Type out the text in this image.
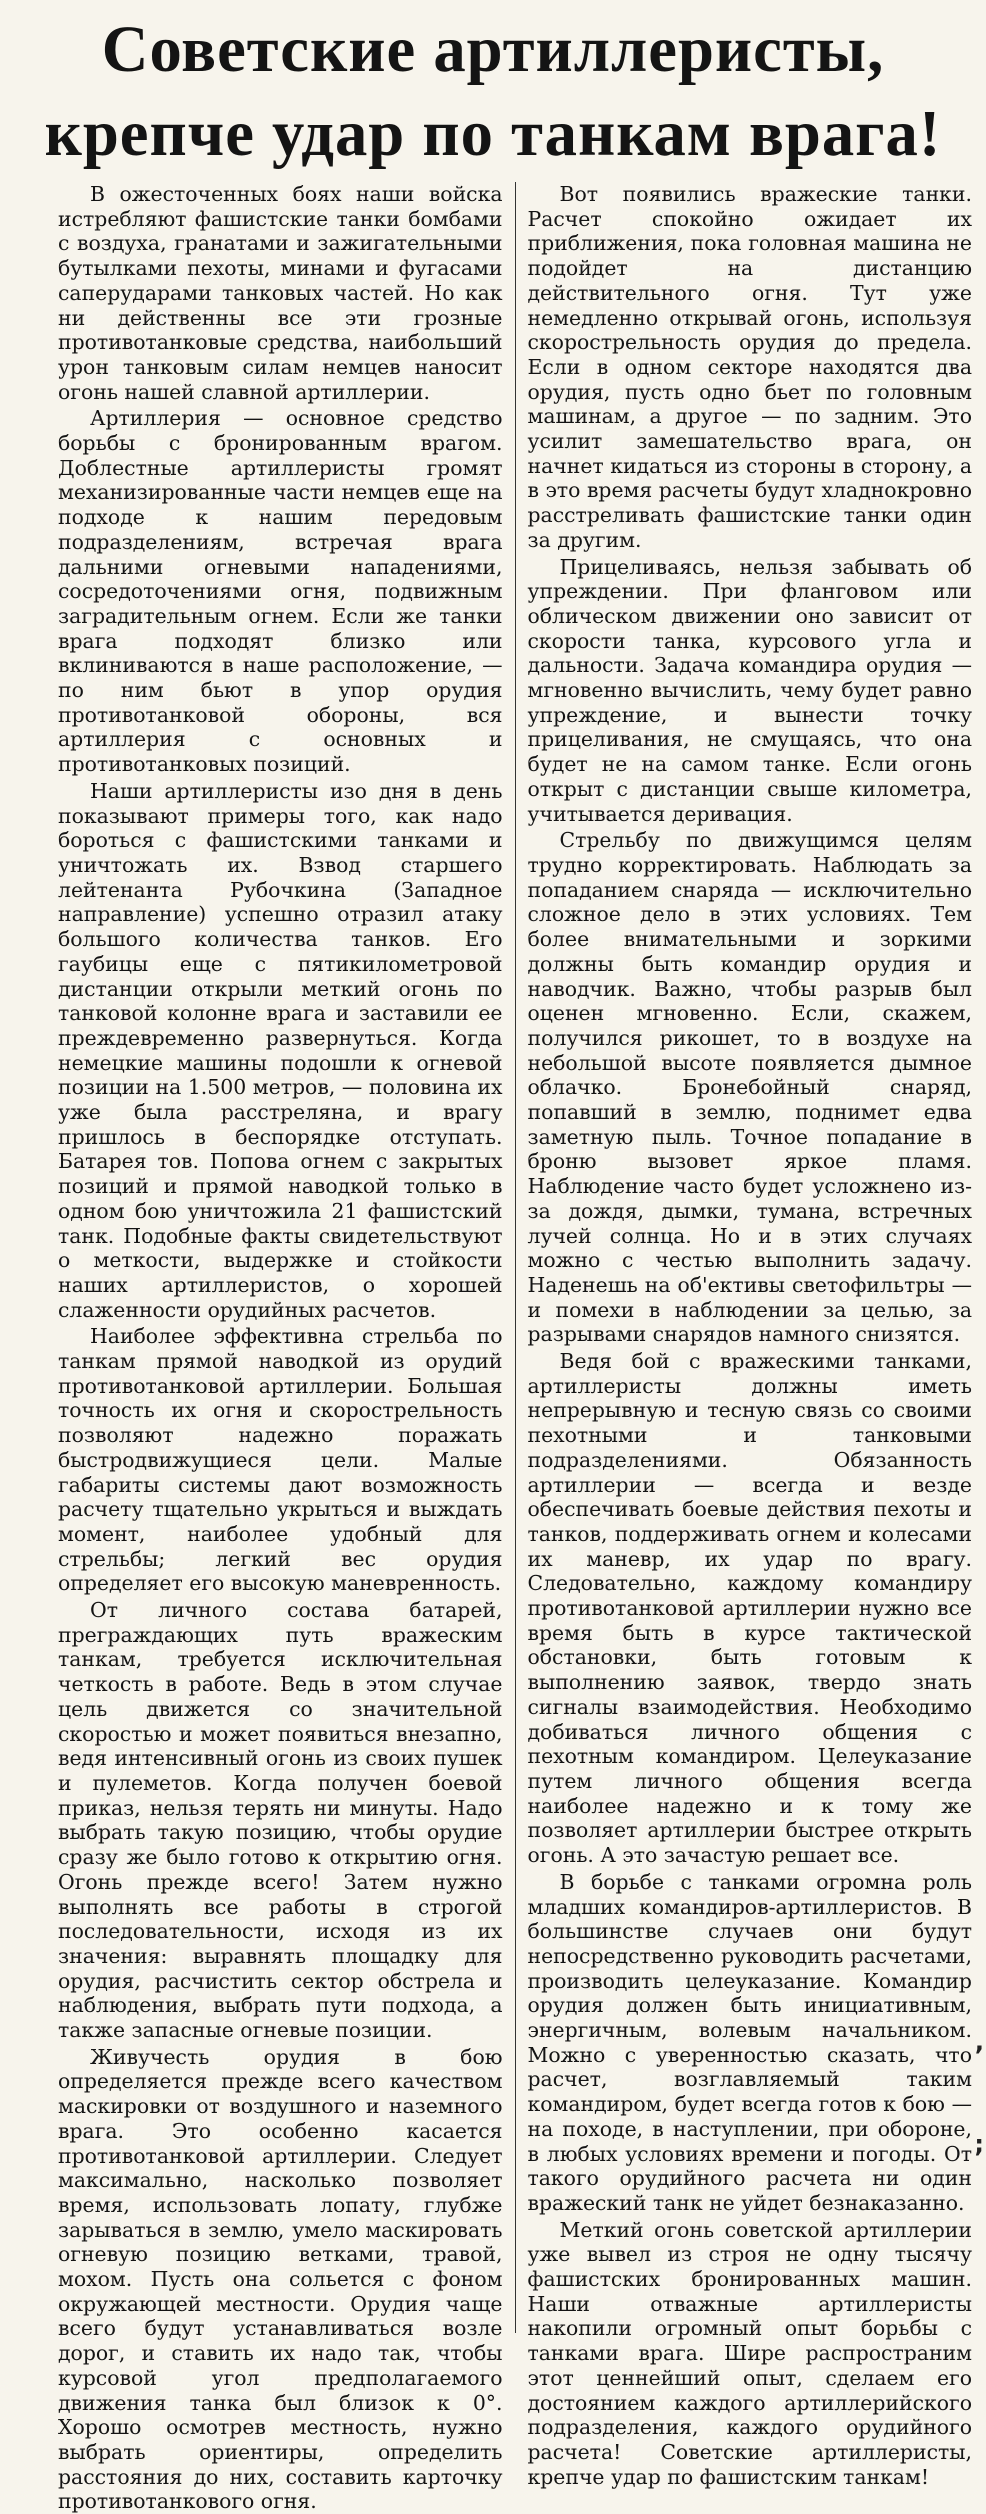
Советские артиллеристы,
крепче удар по танкам врага!

В ожесточенных боях наши войска истребляют фашистские танки бомбами с воздуха, гранатами и зажигательными бутылками пехоты, минами и фугасами саперударами танковых частей. Но как ни действенны все эти грозные противотанковые средства, наибольший урон танковым силам немцев наносит огонь нашей славной артиллерии.

Артиллерия — основное средство борьбы с бронированным врагом. Доблестные артиллеристы громят механизированные части немцев еще на подходе к нашим передовым подразделениям, встречая врага дальними огневыми нападениями, сосредоточениями огня, подвижным заградительным огнем. Если же танки врага подходят близко или вклиниваются в наше расположение, — по ним бьют в упор орудия противотанковой обороны, вся артиллерия с основных и противотанковых позиций.

Наши артиллеристы изо дня в день показывают примеры того, как надо бороться с фашистскими танками и уничтожать их. Взвод старшего лейтенанта Рубочкина (Западное направление) успешно отразил атаку большого количества танков. Его гаубицы еще с пятикилометровой дистанции открыли меткий огонь по танковой колонне врага и заставили ее преждевременно развернуться. Когда немецкие машины подошли к огневой позиции на 1.500 метров, — половина их уже была расстреляна, и врагу пришлось в беспорядке отступать. Батарея тов. Попова огнем с закрытых позиций и прямой наводкой только в одном бою уничтожила 21 фашистский танк. Подобные факты свидетельствуют о меткости, выдержке и стойкости наших артиллеристов, о хорошей слаженности орудийных расчетов.

Наиболее эффективна стрельба по танкам прямой наводкой из орудий противотанковой артиллерии. Большая точность их огня и скорострельность позволяют надежно поражать быстродвижущиеся цели. Малые габариты системы дают возможность расчету тщательно укрыться и выждать момент, наиболее удобный для стрельбы; легкий вес орудия определяет его высокую маневренность.

От личного состава батарей, преграждающих путь вражеским танкам, требуется исключительная четкость в работе. Ведь в этом случае цель движется со значительной скоростью и может появиться внезапно, ведя интенсивный огонь из своих пушек и пулеметов. Когда получен боевой приказ, нельзя терять ни минуты. Надо выбрать такую позицию, чтобы орудие сразу же было готово к открытию огня. Огонь прежде всего! Затем нужно выполнять все работы в строгой последовательности, исходя из их значения: выравнять площадку для орудия, расчистить сектор обстрела и наблюдения, выбрать пути подхода, а также запасные огневые позиции.

Живучесть орудия в бою определяется прежде всего качеством маскировки от воздушного и наземного врага. Это особенно касается противотанковой артиллерии. Следует максимально, насколько позволяет время, использовать лопату, глубже зарываться в землю, умело маскировать огневую позицию ветками, травой, мохом. Пусть она сольется с фоном окружающей местности. Орудия чаще всего будут устанавливаться возле дорог, и ставить их надо так, чтобы курсовой угол предполагаемого движения танка был близок к 0°. Хорошо осмотрев местность, нужно выбрать ориентиры, определить расстояния до них, составить карточку противотанкового огня.

Вот появились вражеские танки. Расчет спокойно ожидает их приближения, пока головная машина не подойдет на дистанцию действительного огня. Тут уже немедленно открывай огонь, используя скорострельность орудия до предела. Если в одном секторе находятся два орудия, пусть одно бьет по головным машинам, а другое — по задним. Это усилит замешательство врага, он начнет кидаться из стороны в сторону, а в это время расчеты будут хладнокровно расстреливать фашистские танки один за другим.

Прицеливаясь, нельзя забывать об упреждении. При фланговом или облическом движении оно зависит от скорости танка, курсового угла и дальности. Задача командира орудия — мгновенно вычислить, чему будет равно упреждение, и вынести точку прицеливания, не смущаясь, что она будет не на самом танке. Если огонь открыт с дистанции свыше километра, учитывается деривация.

Стрельбу по движущимся целям трудно корректировать. Наблюдать за попаданием снаряда — исключительно сложное дело в этих условиях. Тем более внимательными и зоркими должны быть командир орудия и наводчик. Важно, чтобы разрыв был оценен мгновенно. Если, скажем, получился рикошет, то в воздухе на небольшой высоте появляется дымное облачко. Бронебойный снаряд, попавший в землю, поднимет едва заметную пыль. Точное попадание в броню вызовет яркое пламя. Наблюдение часто будет усложнено из-за дождя, дымки, тумана, встречных лучей солнца. Но и в этих случаях можно с честью выполнить задачу. Наденешь на об'ективы светофильтры — и помехи в наблюдении за целью, за разрывами снарядов намного снизятся.

Ведя бой с вражескими танками, артиллеристы должны иметь непрерывную и тесную связь со своими пехотными и танковыми подразделениями. Обязанность артиллерии — всегда и везде обеспечивать боевые действия пехоты и танков, поддерживать огнем и колесами их маневр, их удар по врагу. Следовательно, каждому командиру противотанковой артиллерии нужно все время быть в курсе тактической обстановки, быть готовым к выполнению заявок, твердо знать сигналы взаимодействия. Необходимо добиваться личного общения с пехотным командиром. Целеуказание путем личного общения всегда наиболее надежно и к тому же позволяет артиллерии быстрее открыть огонь. А это зачастую решает все.

В борьбе с танками огромна роль младших командиров-артиллеристов. В большинстве случаев они будут непосредственно руководить расчетами, производить целеуказание. Командир орудия должен быть инициативным, энергичным, волевым начальником. Можно с уверенностью сказать, что расчет, возглавляемый таким командиром, будет всегда готов к бою — на походе, в наступлении, при обороне, в любых условиях времени и погоды. От такого орудийного расчета ни один вражеский танк не уйдет безнаказанно.

Меткий огонь советской артиллерии уже вывел из строя не одну тысячу фашистских бронированных машин. Наши отважные артиллеристы накопили огромный опыт борьбы с танками врага. Шире распространим этот ценнейший опыт, сделаем его достоянием каждого артиллерийского подразделения, каждого орудийного расчета! Советские артиллеристы, крепче удар по фашистским танкам!

,
;
